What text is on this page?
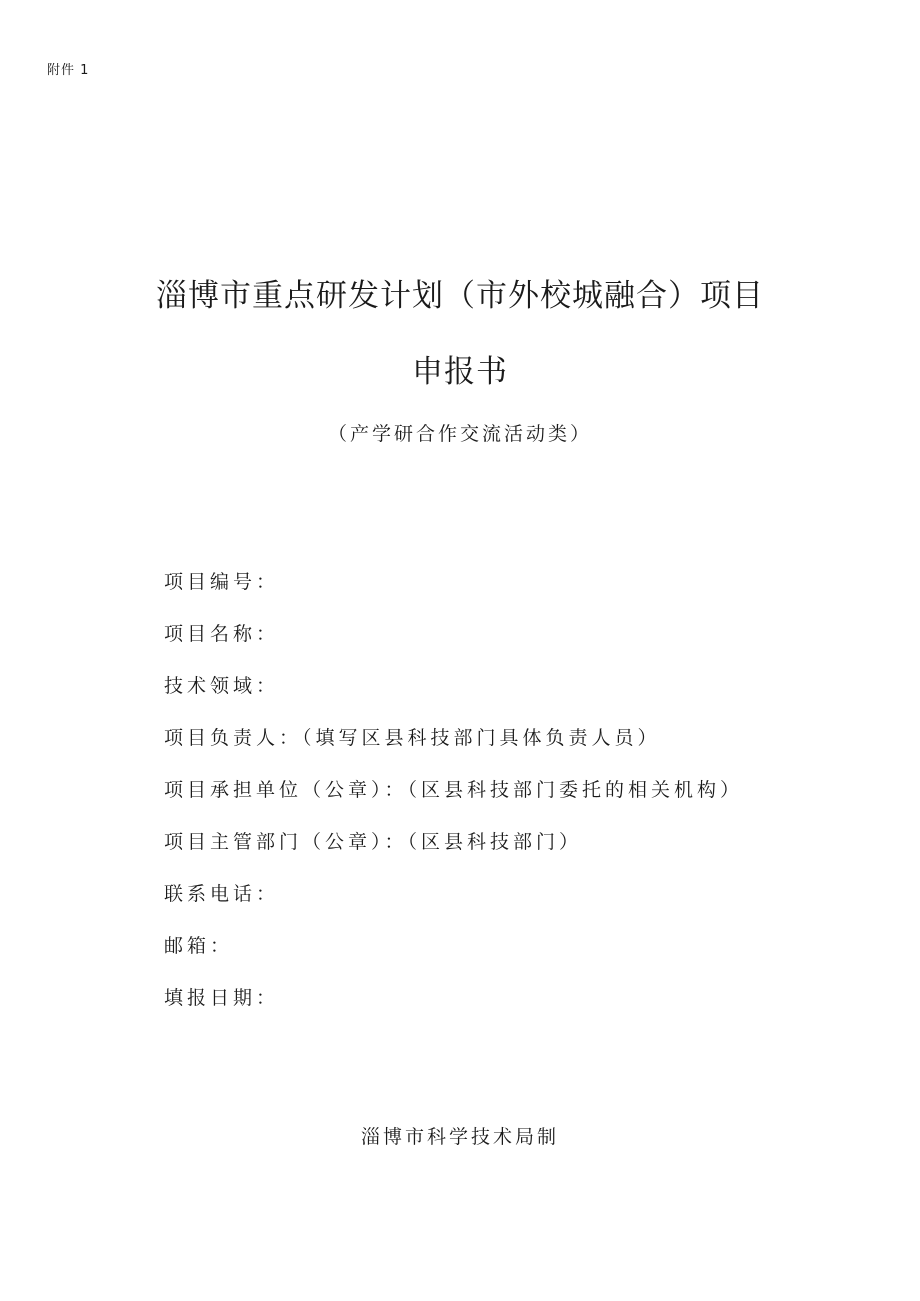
附件 1
淄博市重点研发计划（市外校城融合）项目
申报书
（产学研合作交流活动类）
项目编号：
项目名称：
技术领域：
项目负责人：（填写区县科技部门具体负责人员）
项目承担单位（公章）：（区县科技部门委托的相关机构）
项目主管部门（公章）：（区县科技部门）
联系电话：
邮箱：
填报日期：
淄博市科学技术局制
